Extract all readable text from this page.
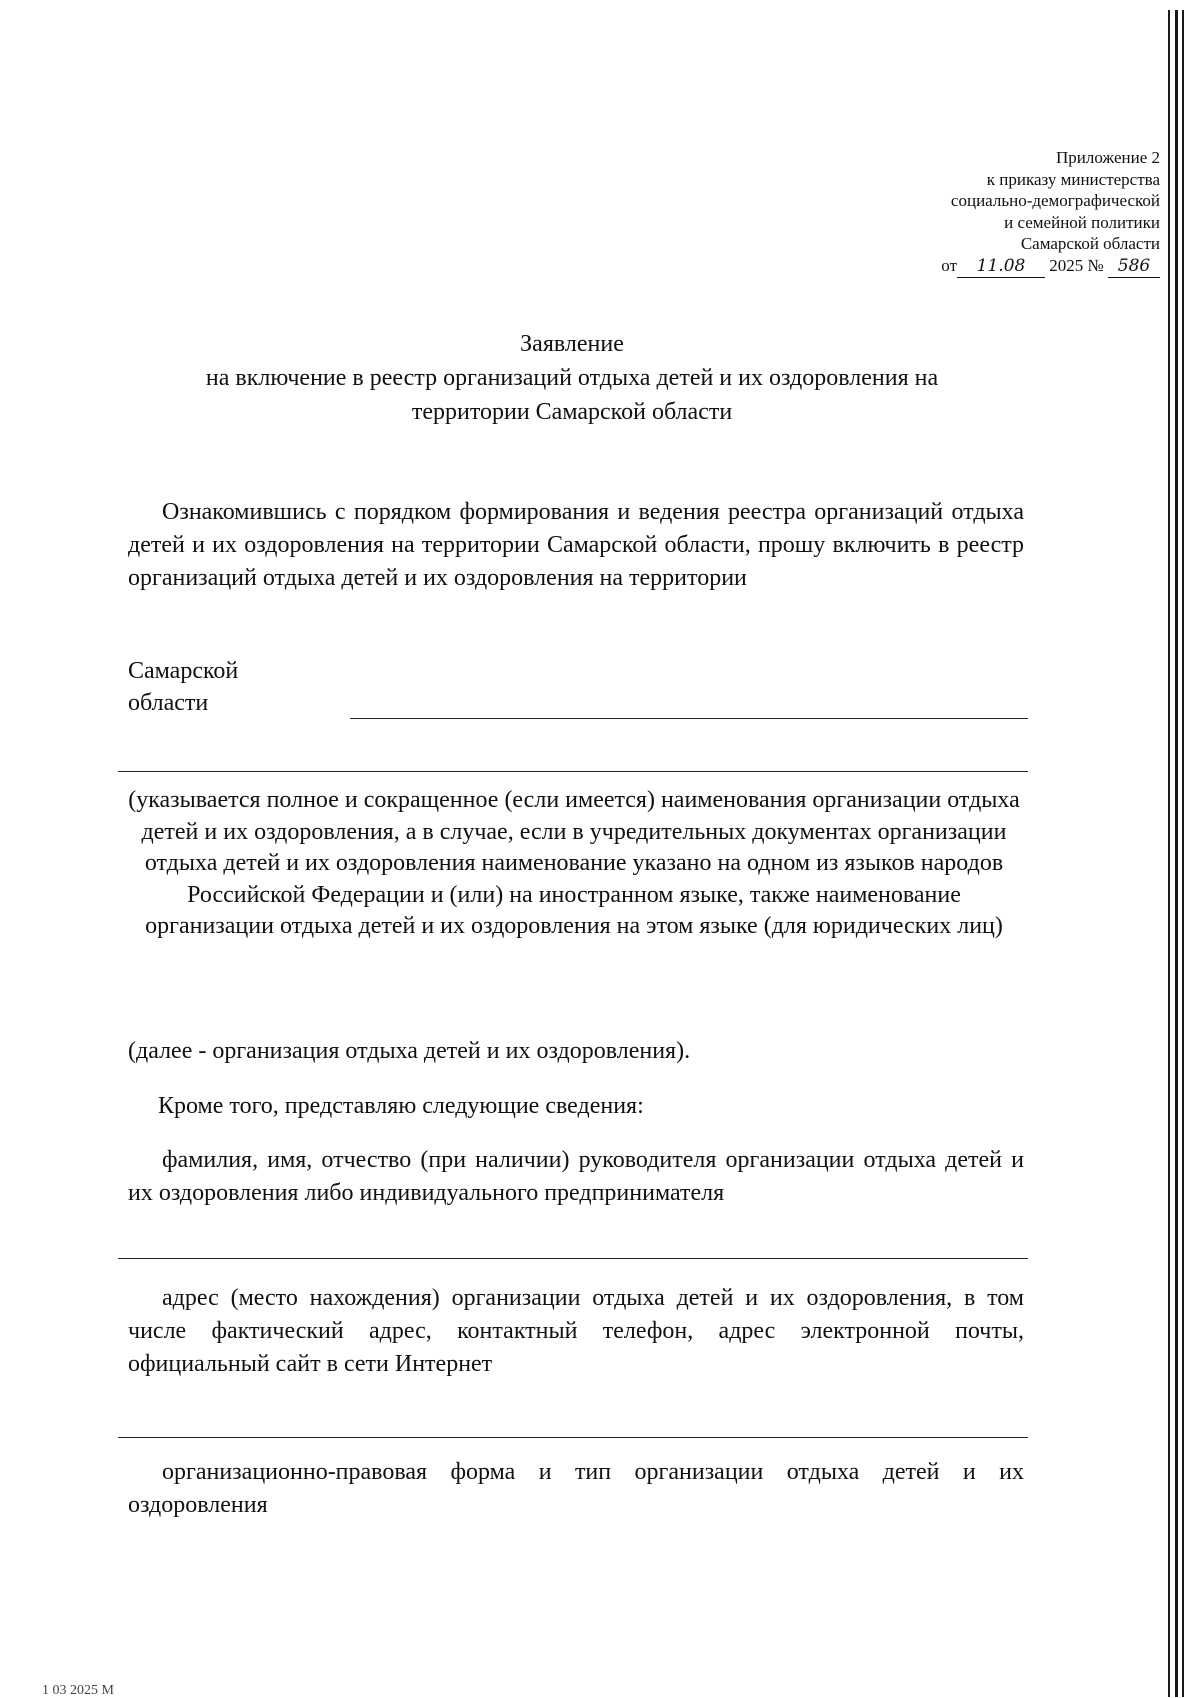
Приложение 2
к приказу министерства
социально-демографической
и семейной политики
Самарской области
от 11.08 2025 № 586
Заявление
на включение в реестр организаций отдыха детей и их оздоровления на
территории Самарской области

Ознакомившись с порядком формирования и ведения реестра организаций отдыха детей и их оздоровления на территории Самарской области, прошу включить в реестр организаций отдыха детей и их оздоровления на территории

Самарской
области
(указывается полное и сокращенное (если имеется) наименования организации отдыха детей и их оздоровления, а в случае, если в учредительных документах организации отдыха детей и их оздоровления наименование указано на одном из языков народов Российской Федерации и (или) на иностранном языке, также наименование организации отдыха детей и их оздоровления на этом языке (для юридических лиц)
(далее - организация отдыха детей и их оздоровления).
Кроме того, представляю следующие сведения:

фамилия, имя, отчество (при наличии) руководителя организации отдыха детей и их оздоровления либо индивидуального предпринимателя

адрес (место нахождения) организации отдыха детей и их оздоровления, в том числе фактический адрес, контактный телефон, адрес электронной почты, официальный сайт в сети Интернет

организационно-правовая форма и тип организации отдыха детей и их оздоровления

1 03 2025 М
